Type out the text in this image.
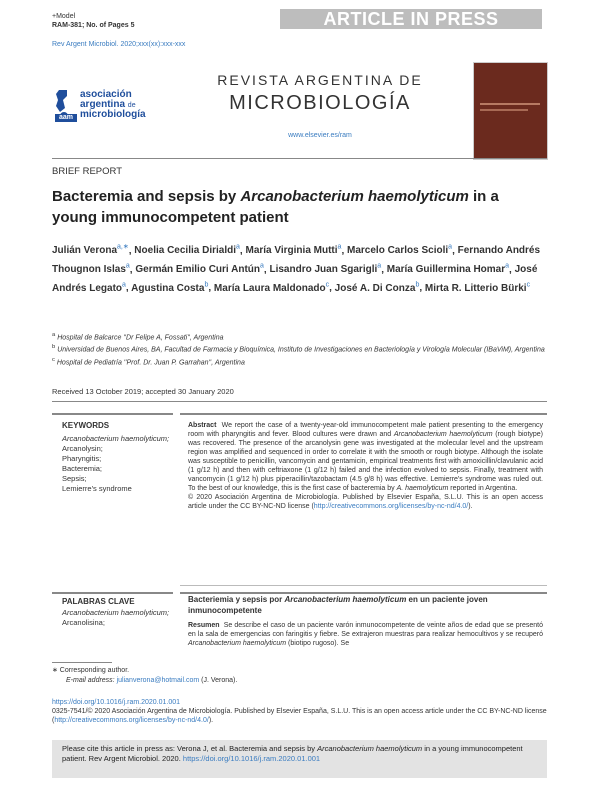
+Model
RAM-381; No. of Pages 5	ARTICLE IN PRESS
Rev Argent Microbiol. 2020;xxx(xx):xxx-xxx
asociación
argentina de
microbiología
aam
REVISTA ARGENTINA DE
MICROBIOLOGÍA
www.elsevier.es/ram
BRIEF REPORT
Bacteremia and sepsis by Arcanobacterium haemolyticum in a young immunocompetent patient
Julián Verona$^{a,∗}$, Noelia Cecilia Dirialdi$^a$, María Virginia Mutti$^a$, Marcelo Carlos Scioli$^a$, Fernando Andrés Thougnon Islas$^a$, Germán Emilio Curi Antún$^a$, Lisandro Juan Sgarigli$^a$, María Guillermina Homar$^a$, José Andrés Legato$^a$, Agustina Costa$^b$, María Laura Maldonado$^c$, José A. Di Conza$^b$, Mirta R. Litterio Bürki$^c$
$^a$ Hospital de Balcarce ''Dr Felipe A, Fossati'', Argentina
$^b$ Universidad de Buenos Aires, BA, Facultad de Farmacia y Bioquímica, Instituto de Investigaciones en Bacteriología y Virología Molecular (IBaViM), Argentina
$^c$ Hospital de Pediatría ''Prof. Dr. Juan P. Garrahan'', Argentina
Received 13 October 2019; accepted 30 January 2020
KEYWORDS
Arcanobacterium haemolyticum;
Arcanolysin;
Pharyngitis;
Bacteremia;
Sepsis;
Lemierre's syndrome
Abstract We report the case of a twenty-year-old immunocompetent male patient presenting to the emergency room with pharyngitis and fever. Blood cultures were drawn and Arcanobacterium haemolyticum (rough biotype) was recovered. The presence of the arcanolysin gene was investigated at the molecular level and the upstream region was amplified and sequenced in order to correlate it with the smooth or rough biotype. Although the isolate was susceptible to penicillin, vancomycin and gentamicin, empirical treatments first with amoxicillin/clavulanic acid (1 g/12 h) and then with ceftriaxone (1 g/12 h) failed and the infection evolved to sepsis. Finally, treatment with vancomycin (1 g/12 h) plus piperacillin/tazobactam (4.5 g/8 h) was effective. Lemierre's syndrome was ruled out. To the best of our knowledge, this is the first case of bacteremia by A. haemolyticum reported in Argentina.
© 2020 Asociación Argentina de Microbiología. Published by Elsevier España, S.L.U. This is an open access article under the CC BY-NC-ND license (http://creativecommons.org/licenses/by-nc-nd/4.0/).
PALABRAS CLAVE
Arcanobacterium haemolyticum;
Arcanolisina;
Bacteriemia y sepsis por Arcanobacterium haemolyticum en un paciente joven inmunocompetente
Resumen Se describe el caso de un paciente varón inmunocompetente de veinte años de edad que se presentó en la sala de emergencias con faringitis y fiebre. Se extrajeron muestras para realizar hemocultivos y se recuperó Arcanobacterium haemolyticum (biotipo rugoso). Se
∗ Corresponding author.
E-mail address: julianverona@hotmail.com (J. Verona).
https://doi.org/10.1016/j.ram.2020.01.001
0325-7541/© 2020 Asociación Argentina de Microbiología. Published by Elsevier España, S.L.U. This is an open access article under the CC BY-NC-ND license (http://creativecommons.org/licenses/by-nc-nd/4.0/).
Please cite this article in press as: Verona J, et al. Bacteremia and sepsis by Arcanobacterium haemolyticum in a young immunocompetent patient. Rev Argent Microbiol. 2020. https://doi.org/10.1016/j.ram.2020.01.001
